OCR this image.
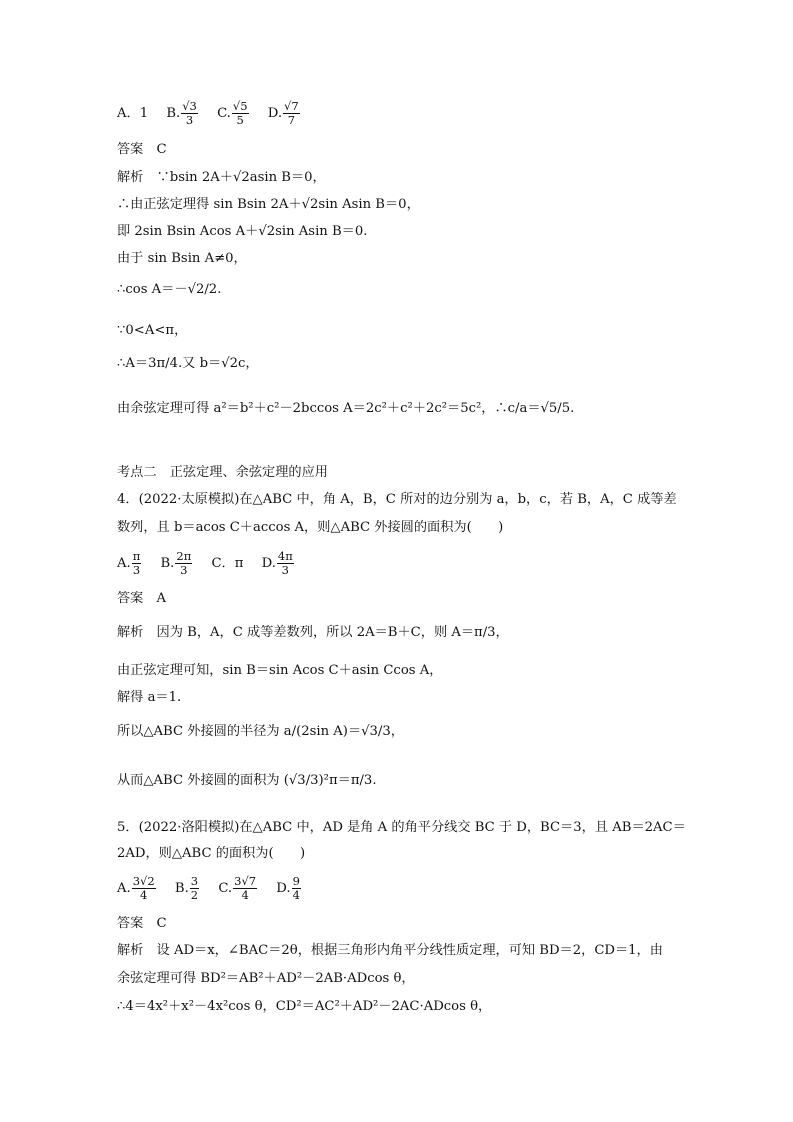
A．1 B. $\frac{√3}{3} C$. $\frac{√5}{5} D$. $\frac{√7}{7}$
答案　C
解析　∵bsin 2A＋√2asin B＝0，
∴由正弦定理得 sin Bsin 2A＋√2sin Asin B＝0，
即 2sin Bsin Acos A＋√2sin Asin B＝0.
由于 sin Bsin A≠0，
∴cos A＝－√2/2.
∵0<A<π，
∴A＝3π/4.又 b＝√2c，
由余弦定理可得 a²＝b²＋c²－2bccos A＝2c²＋c²＋2c²＝5c²，∴c/a＝√5/5.
考点二　正弦定理、余弦定理的应用
4．(2022·太原模拟)在△ABC 中，角 A，B，C 所对的边分别为 a，b，c，若 B，A，C 成等差
数列，且 b＝acos C＋accos A，则△ABC 外接圆的面积为(　　)
A. $\frac{\pi}{3} B$. $\frac{2\pi}{3}$ C．π D. $\frac{4\pi}{3}$
答案　A
解析　因为 B，A，C 成等差数列，所以 2A＝B＋C，则 A＝π/3，
由正弦定理可知，sin B＝sin Acos C＋asin Ccos A，
解得 a＝1.
所以△ABC 外接圆的半径为 a/(2sin A)＝√3/3，
从而△ABC 外接圆的面积为 (√3/3)²π＝π/3.
5．(2022·洛阳模拟)在△ABC 中，AD 是角 A 的角平分线交 BC 于 D，BC＝3，且 AB＝2AC＝
2AD，则△ABC 的面积为(　　)
A. $\frac{3√2}{4} B$. $\frac{3}{2} C$. $\frac{3√7}{4} D$. $\frac{9}{4}$
答案　C
解析　设 AD＝x，∠BAC＝2θ，根据三角形内角平分线性质定理，可知 BD＝2，CD＝1，由
余弦定理可得 BD²＝AB²＋AD²－2AB·ADcos θ，
∴4＝4x²＋x²－4x²cos θ，CD²＝AC²＋AD²－2AC·ADcos θ，
